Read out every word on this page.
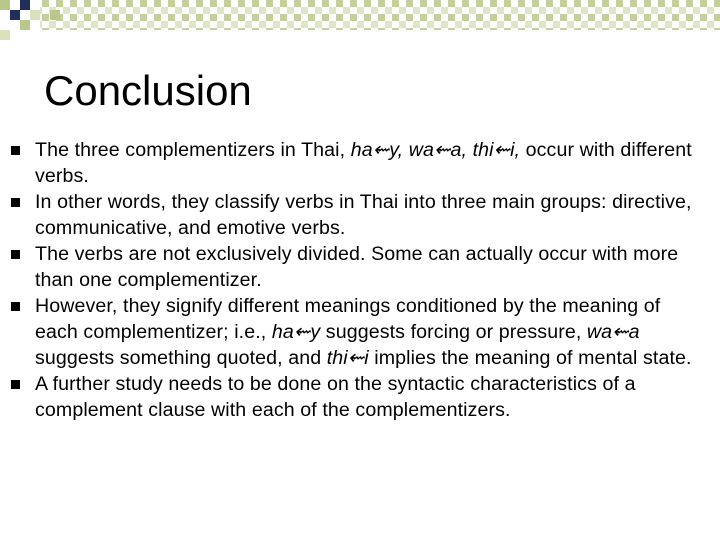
Conclusion
The three complementizers in Thai, ha⇜y, wa⇜a, thi⇜i, occur with different verbs.
In other words, they classify verbs in Thai into three main groups: directive, communicative, and emotive verbs.
The verbs are not exclusively divided. Some can actually occur with more than one complementizer.
However, they signify different meanings conditioned by the meaning of each complementizer; i.e., ha⇜y suggests forcing or pressure, wa⇜a suggests something quoted, and thi⇜i implies the meaning of mental state.
A further study needs to be done on the syntactic characteristics of a complement clause with each of the complementizers.
